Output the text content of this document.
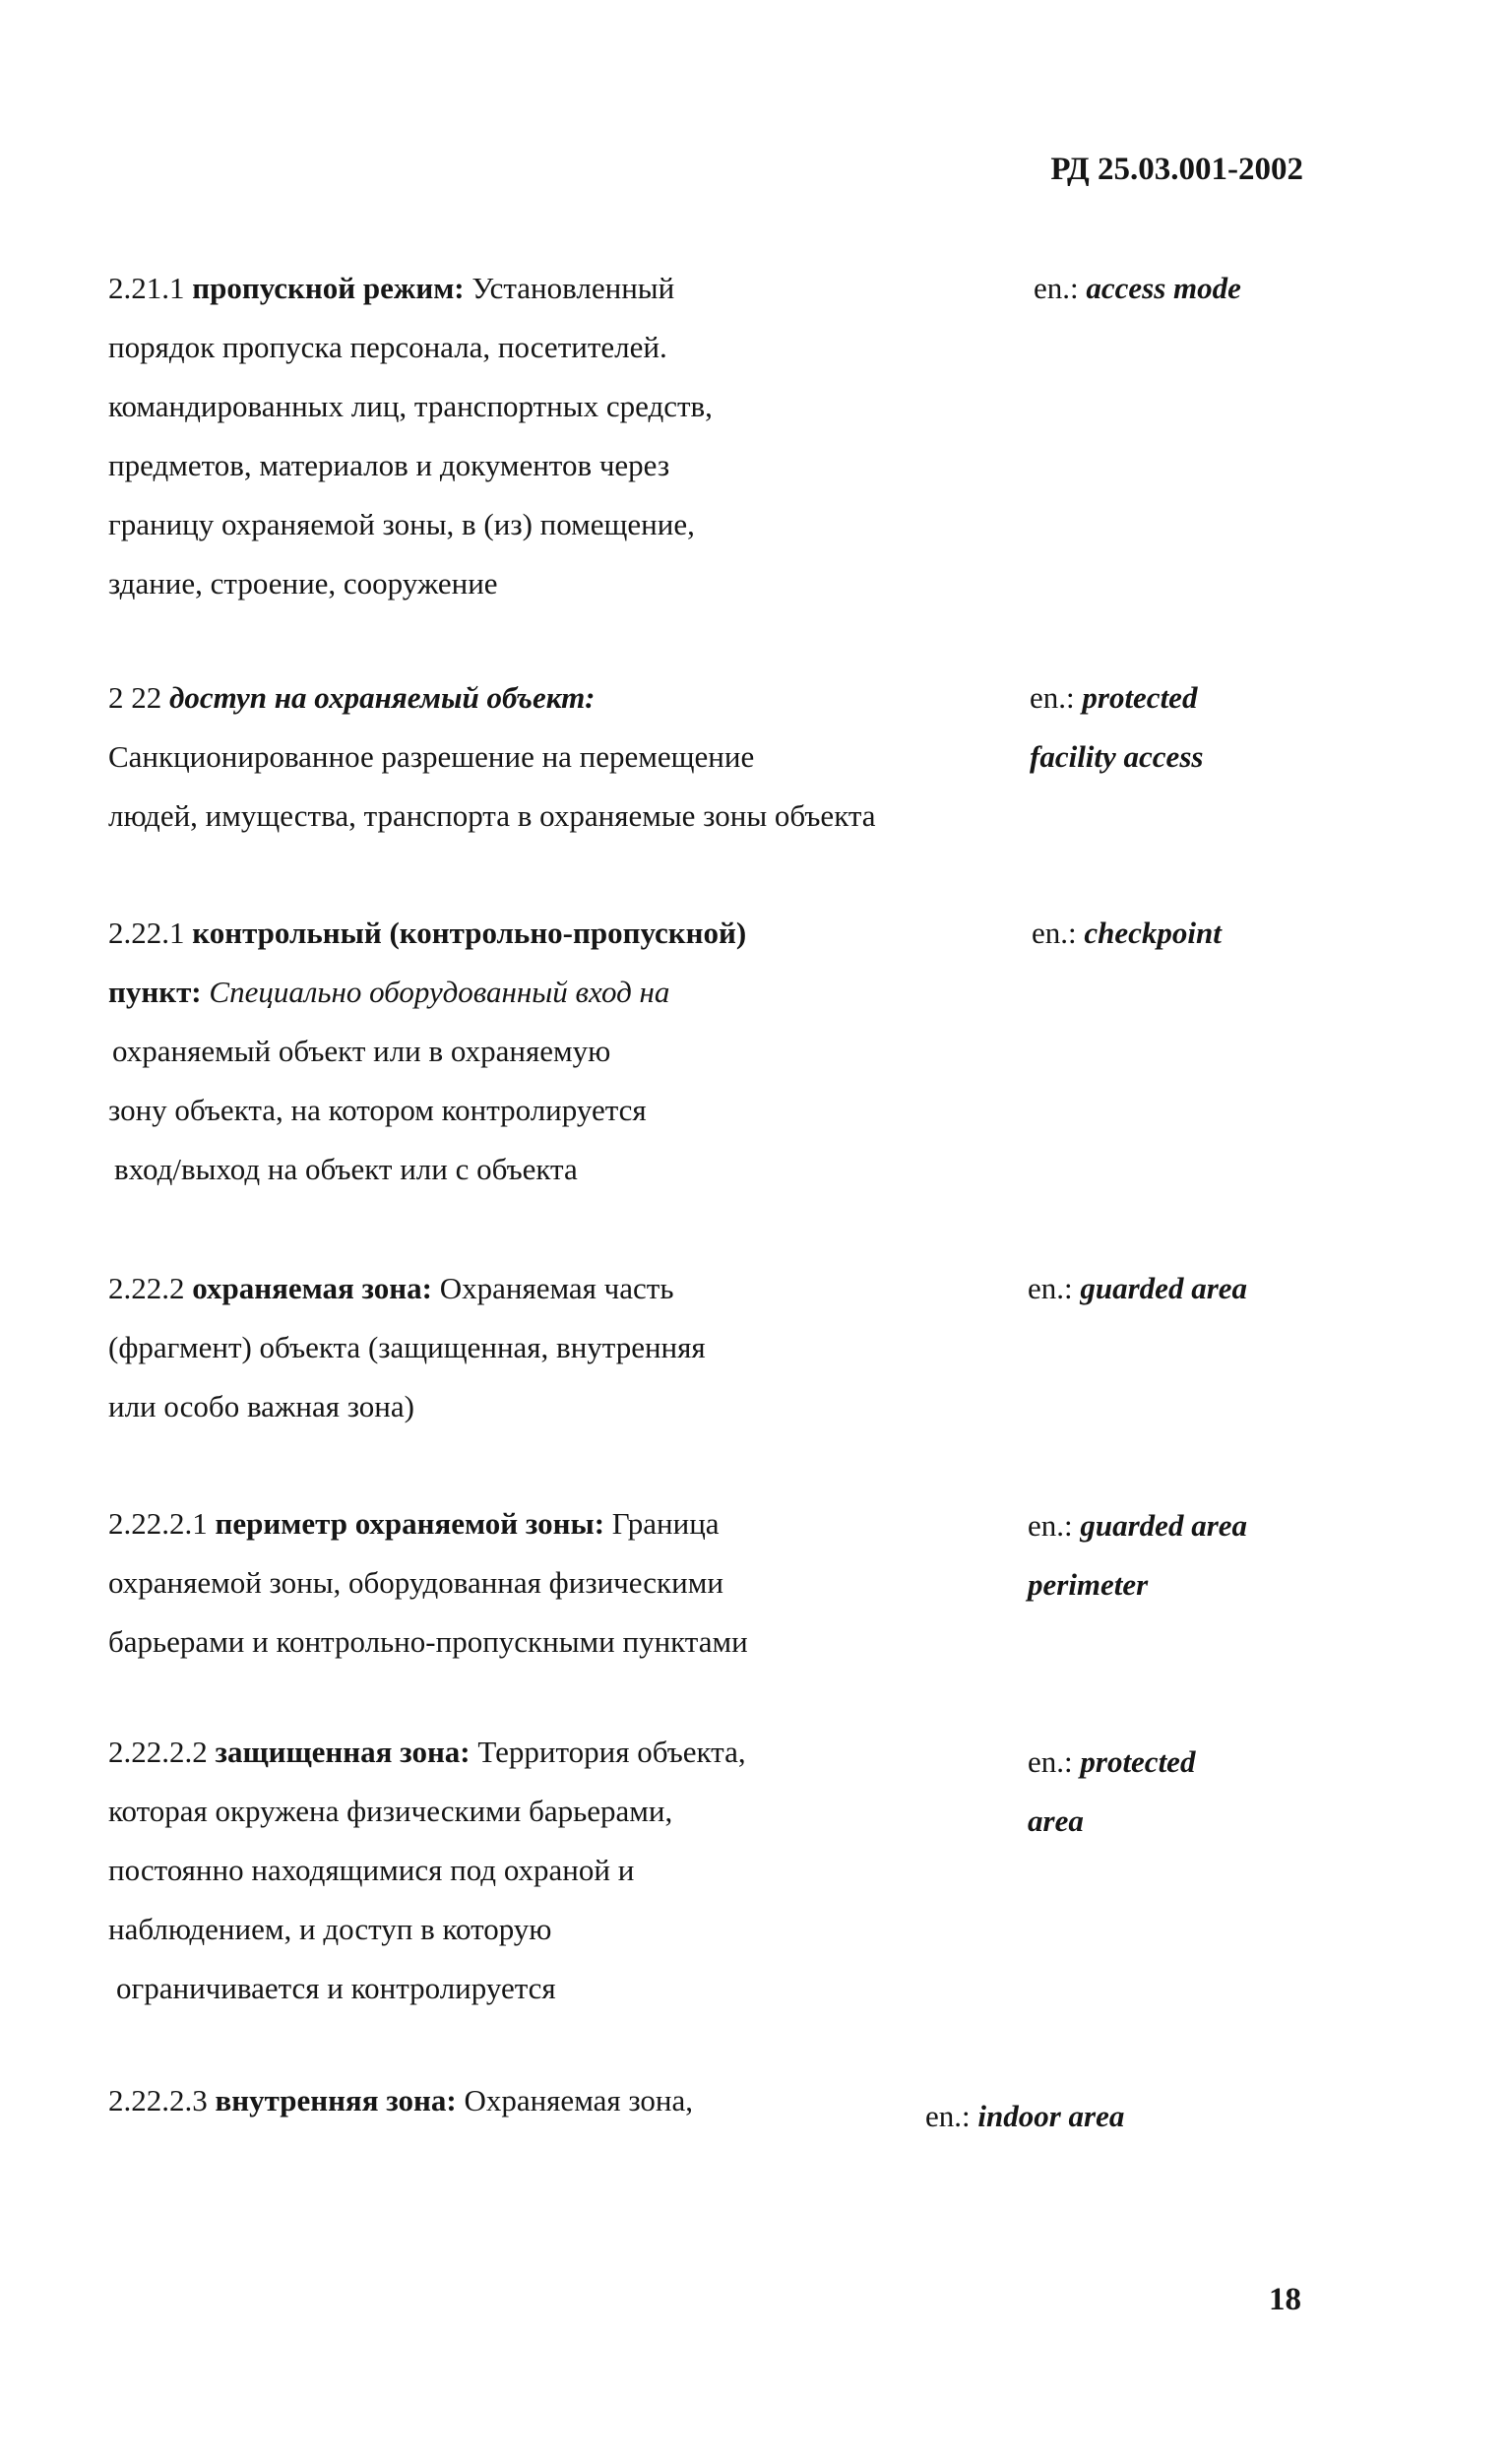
РД 25.03.001-2002
2.21.1 пропускной режим: Установленный
порядок пропуска персонала, посетителей.
командированных лиц, транспортных средств,
предметов, материалов и документов через
границу охраняемой зоны, в (из) помещение,
здание, строение, сооружение
en.: access mode
2 22 доступ на охраняемый объект:
Санкционированное разрешение на перемещение
людей, имущества, транспорта в охраняемые зоны объекта
en.: protected
facility access
2.22.1 контрольный (контрольно-пропускной)
пункт: Специально оборудованный вход на
охраняемый объект или в охраняемую
зону объекта, на котором контролируется
вход/выход на объект или с объекта
en.: checkpoint
2.22.2 охраняемая зона: Охраняемая часть
(фрагмент) объекта (защищенная, внутренняя
или особо важная зона)
en.: guarded area
2.22.2.1 периметр охраняемой зоны: Граница
охраняемой зоны, оборудованная физическими
барьерами и контрольно-пропускными пунктами
en.: guarded area
perimeter
2.22.2.2 защищенная зона: Территория объекта,
которая окружена физическими барьерами,
постоянно находящимися под охраной и
наблюдением, и доступ в которую
ограничивается и контролируется
en.: protected
area
2.22.2.3 внутренняя зона: Охраняемая зона,	en.: indoor area
18
